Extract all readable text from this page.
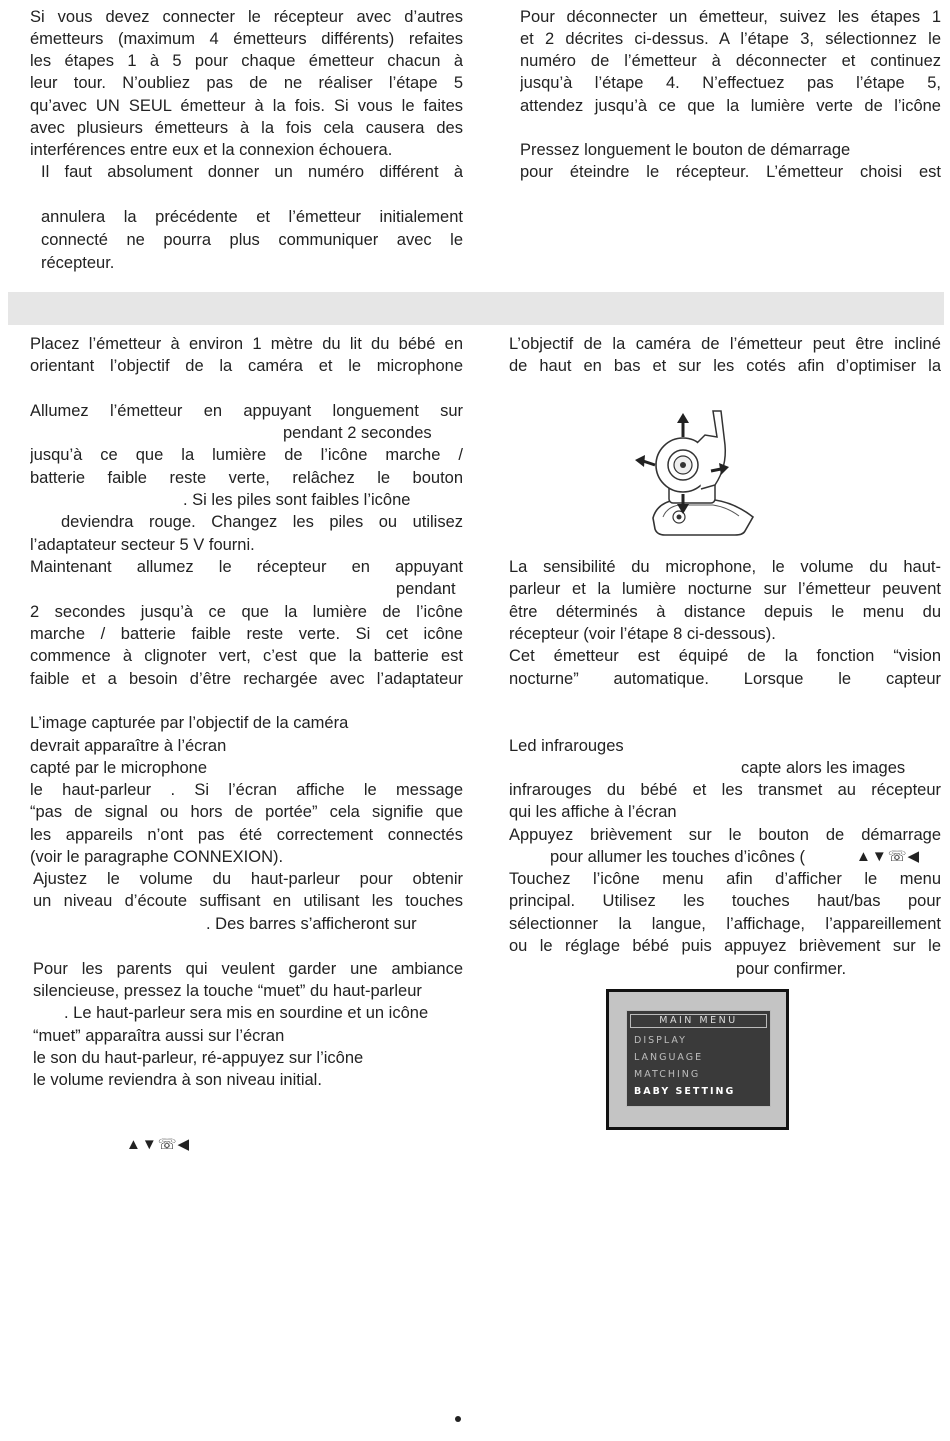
Si vous devez connecter le récepteur avec d’autres
émetteurs (maximum 4 émetteurs différents) refaites
les étapes 1 à 5 pour chaque émetteur chacun à
leur tour. N’oubliez pas de ne réaliser l’étape 5
qu’avec UN SEUL émetteur à la fois. Si vous le faites
avec plusieurs émetteurs à la fois cela causera des
interférences entre eux et la connexion échouera.
Il faut absolument donner un numéro différent à
annulera la précédente et l’émetteur initialement
connecté ne pourra plus communiquer avec le
récepteur.
Pour déconnecter un émetteur, suivez les étapes 1
et 2 décrites ci-dessus. A l’étape 3, sélectionnez le
numéro de l’émetteur à déconnecter et continuez
jusqu’à l’étape 4. N’effectuez pas l’étape 5,
attendez jusqu’à ce que la lumière verte de l’icône
Pressez longuement le bouton de démarrage
pour éteindre le récepteur. L’émetteur choisi est
Placez l’émetteur à environ 1 mètre du lit du bébé en
orientant l’objectif de la caméra et le microphone
Allumez l’émetteur en appuyant longuement sur
pendant 2 secondes
jusqu’à ce que la lumière de l’icône marche /
batterie faible reste verte, relâchez le bouton
. Si les piles sont faibles l’icône
deviendra rouge. Changez les piles ou utilisez
l’adaptateur secteur 5 V fourni.
Maintenant allumez le récepteur en appuyant
pendant
2 secondes jusqu’à ce que la lumière de l’icône
marche / batterie faible reste verte. Si cet icône
commence à clignoter vert, c’est que la batterie est
faible et a besoin d’être rechargée avec l’adaptateur
L’image capturée par l’objectif de la caméra
devrait apparaître à l’écran
capté par le microphone
le haut-parleur . Si l’écran affiche le message
“pas de signal ou hors de portée” cela signifie que
les appareils n’ont pas été correctement connectés
(voir le paragraphe CONNEXION).
Ajustez le volume du haut-parleur pour obtenir
un niveau d’écoute suffisant en utilisant les touches
. Des barres s’afficheront sur
Pour les parents qui veulent garder une ambiance
silencieuse, pressez la touche “muet” du haut-parleur
. Le haut-parleur sera mis en sourdine et un icône
“muet” apparaîtra aussi sur l’écran
le son du haut-parleur, ré-appuyez sur l’icône
le volume reviendra à son niveau initial.
▲▼☏◀
L’objectif de la caméra de l’émetteur peut être incliné
de haut en bas et sur les cotés afin d’optimiser la
La sensibilité du microphone, le volume du haut-
parleur et la lumière nocturne sur l’émetteur peuvent
être déterminés à distance depuis le menu du
récepteur (voir l’étape 8 ci-dessous).
Cet émetteur est équipé de la fonction “vision
nocturne” automatique. Lorsque le capteur
Led infrarouges
capte alors les images
infrarouges du bébé et les transmet au récepteur
qui les affiche à l’écran
Appuyez brièvement sur le bouton de démarrage
pour allumer les touches d’icônes (	▲▼☏◀
Touchez l’icône menu afin d’afficher le menu
principal. Utilisez les touches haut/bas pour
sélectionner la langue, l’affichage, l’appareillement
ou le réglage bébé puis appuyez brièvement sur le
pour confirmer.
MAIN MENU
DISPLAY
LANGUAGE
MATCHING
BABY SETTING
